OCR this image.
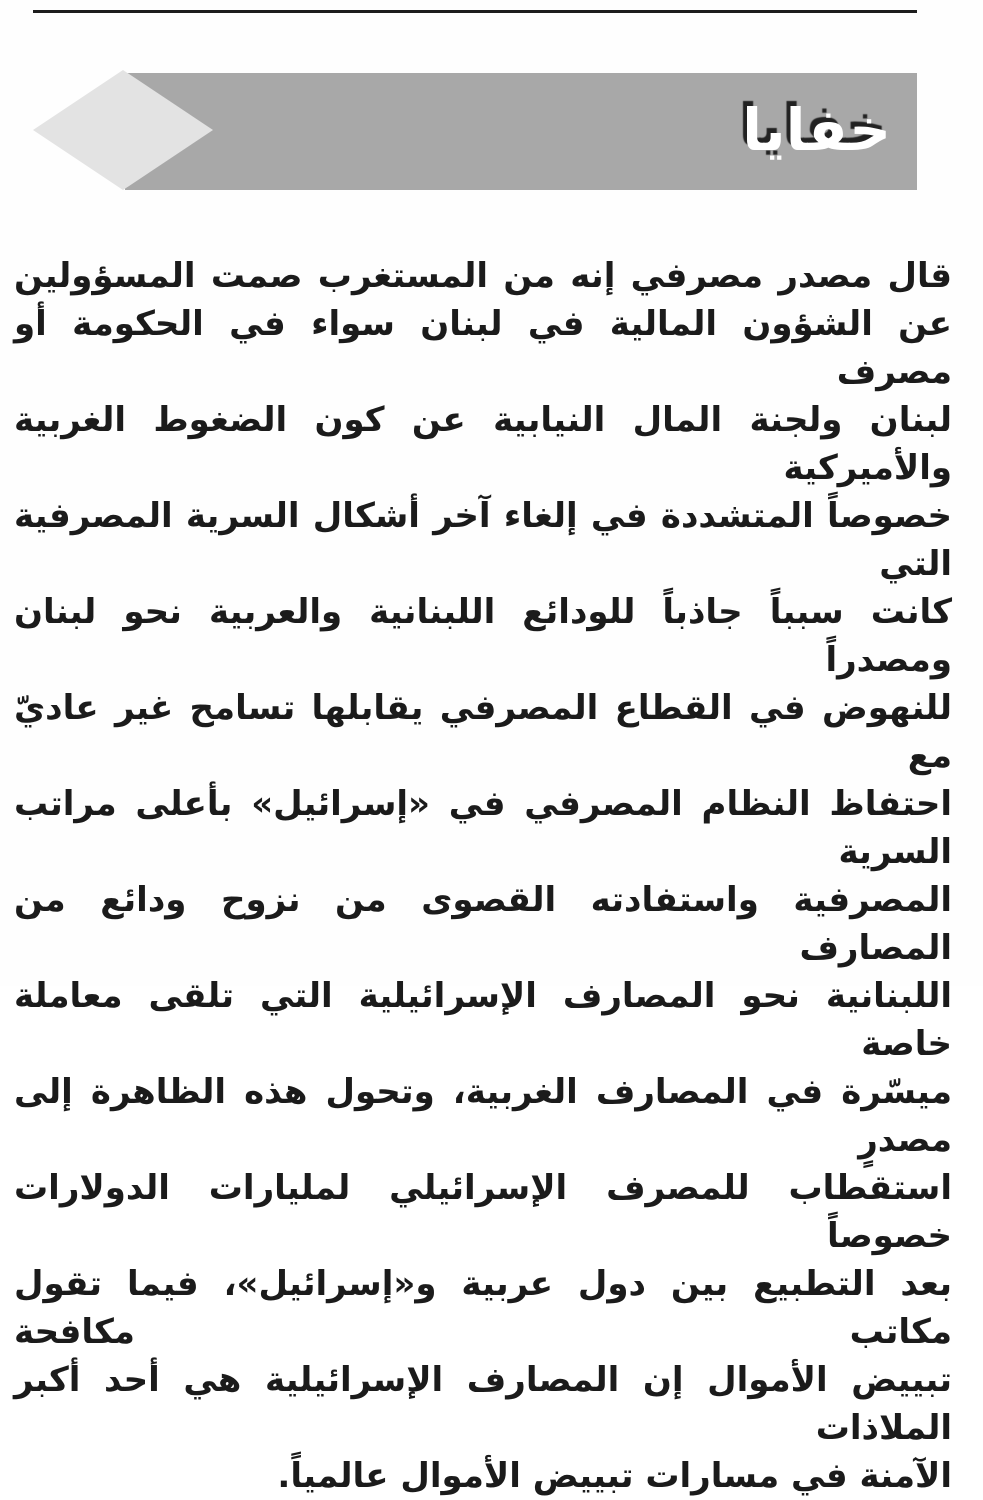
خفايا
قال مصدر مصرفي إنه من المستغرب صمت المسؤولين
عن الشؤون المالية في لبنان سواء في الحكومة أو مصرف
لبنان ولجنة المال النيابية عن كون الضغوط الغربية والأميركية
خصوصاً المتشددة في إلغاء آخر أشكال السرية المصرفية التي
كانت سبباً جاذباً للودائع اللبنانية والعربية نحو لبنان ومصدراً
للنهوض في القطاع المصرفي يقابلها تسامح غير عاديّ مع
احتفاظ النظام المصرفي في «إسرائيل» بأعلى مراتب السرية
المصرفية واستفادته القصوى من نزوح ودائع من المصارف
اللبنانية نحو المصارف الإسرائيلية التي تلقى معاملة خاصة
ميسّرة في المصارف الغربية، وتحول هذه الظاهرة إلى مصدرٍ
استقطاب للمصرف الإسرائيلي لمليارات الدولارات خصوصاً
بعد التطبيع بين دول عربية و«إسرائيل»، فيما تقول مكاتب مكافحة
تبييض الأموال إن المصارف الإسرائيلية هي أحد أكبر الملاذات
الآمنة في مسارات تبييض الأموال عالمياً.
